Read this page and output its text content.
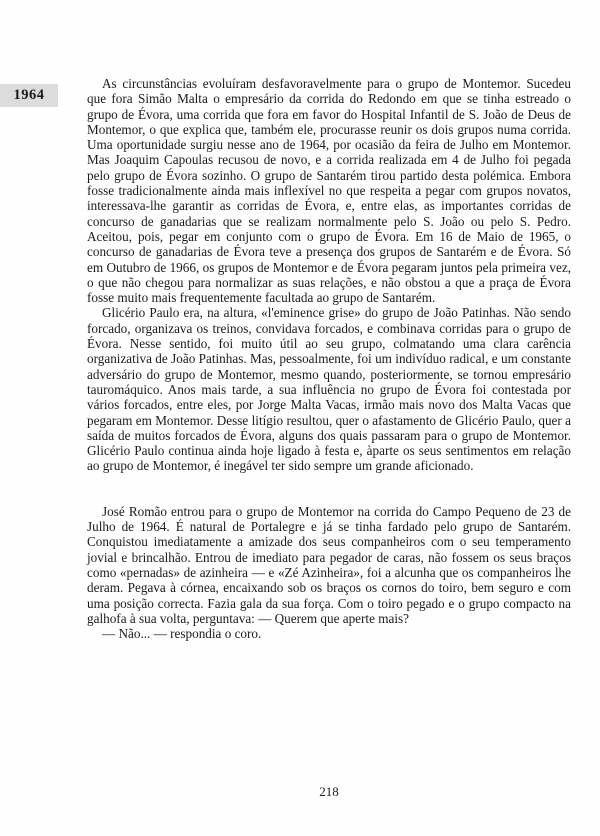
1964

As circunstâncias evoluíram desfavoravelmente para o grupo de Montemor. Sucedeu que fora Simão Malta o empresário da corrida do Redondo em que se tinha estreado o grupo de Évora, uma corrida que fora em favor do Hospital Infantil de S. João de Deus de Montemor, o que explica que, também ele, procurasse reunir os dois grupos numa corrida. Uma oportunidade surgiu nesse ano de 1964, por ocasião da feira de Julho em Montemor. Mas Joaquim Capoulas recusou de novo, e a corrida realizada em 4 de Julho foi pegada pelo grupo de Évora sozinho. O grupo de Santarém tirou partido desta polémica. Embora fosse tradicionalmente ainda mais inflexível no que respeita a pegar com grupos novatos, interessava-lhe garantir as corridas de Évora, e, entre elas, as importantes corridas de concurso de ganadarias que se realizam normalmente pelo S. João ou pelo S. Pedro. Aceitou, pois, pegar em conjunto com o grupo de Évora. Em 16 de Maio de 1965, o concurso de ganadarias de Évora teve a presença dos grupos de Santarém e de Évora. Só em Outubro de 1966, os grupos de Montemor e de Évora pegaram juntos pela primeira vez, o que não chegou para normalizar as suas relações, e não obstou a que a praça de Évora fosse muito mais frequentemente facultada ao grupo de Santarém.

Glicério Paulo era, na altura, «l'eminence grise» do grupo de João Patinhas. Não sendo forcado, organizava os treinos, convidava forcados, e combinava corridas para o grupo de Évora. Nesse sentido, foi muito útil ao seu grupo, colmatando uma clara carência organizativa de João Patinhas. Mas, pessoalmente, foi um indivíduo radical, e um constante adversário do grupo de Montemor, mesmo quando, posteriormente, se tornou empresário tauromáquico. Anos mais tarde, a sua influência no grupo de Évora foi contestada por vários forcados, entre eles, por Jorge Malta Vacas, irmão mais novo dos Malta Vacas que pegaram em Montemor. Desse litígio resultou, quer o afastamento de Glicério Paulo, quer a saída de muitos forcados de Évora, alguns dos quais passaram para o grupo de Montemor. Glicério Paulo continua ainda hoje ligado à festa e, àparte os seus sentimentos em relação ao grupo de Montemor, é inegável ter sido sempre um grande aficionado.

José Romão entrou para o grupo de Montemor na corrida do Campo Pequeno de 23 de Julho de 1964. É natural de Portalegre e já se tinha fardado pelo grupo de Santarém. Conquistou imediatamente a amizade dos seus companheiros com o seu temperamento jovial e brincalhão. Entrou de imediato para pegador de caras, não fossem os seus braços como «pernadas» de azinheira — e «Zé Azinheira», foi a alcunha que os companheiros lhe deram. Pegava à córnea, encaixando sob os braços os cornos do toiro, bem seguro e com uma posição correcta. Fazia gala da sua força. Com o toiro pegado e o grupo compacto na galhofa à sua volta, perguntava: — Querem que aperte mais?

— Não... — respondia o coro.

218
